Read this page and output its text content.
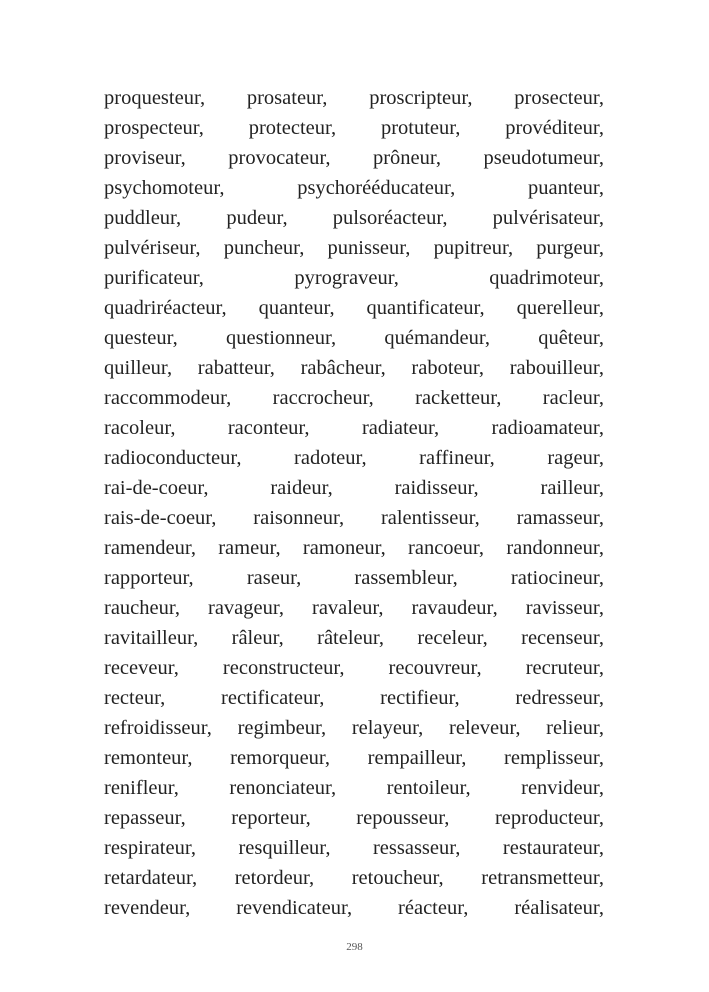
proquesteur, prosateur, proscripteur, prosecteur,
prospecteur, protecteur, protuteur, provéditeur,
proviseur, provocateur, prôneur, pseudotumeur,
psychomoteur,	psychorééducateur,	puanteur,
puddleur, pudeur, pulsoréacteur, pulvérisateur,
pulvériseur, puncheur, punisseur, pupitreur, purgeur,
purificateur,	pyrograveur,	quadrimoteur,
quadriréacteur, quanteur, quantificateur, querelleur,
questeur, questionneur, quémandeur, quêteur,
quilleur, rabatteur, rabâcheur, raboteur, rabouilleur,
raccommodeur, raccrocheur, racketteur, racleur,
racoleur,	raconteur,	radiateur,	radioamateur,
radioconducteur,	radoteur,	raffineur,	rageur,
rai-de-coeur,	raideur,	raidisseur,	railleur,
rais-de-coeur, raisonneur, ralentisseur, ramasseur,
ramendeur, rameur, ramoneur, rancoeur, randonneur,
rapporteur,	raseur,	rassembleur,	ratiocineur,
raucheur, ravageur, ravaleur, ravaudeur, ravisseur,
ravitailleur, râleur, râteleur, receleur, recenseur,
receveur, reconstructeur, recouvreur, recruteur,
recteur,	rectificateur,	rectifieur,	redresseur,
refroidisseur, regimbeur, relayeur, releveur, relieur,
remonteur, remorqueur, rempailleur, remplisseur,
renifleur, renonciateur, rentoileur, renvideur,
repasseur, reporteur, repousseur, reproducteur,
respirateur, resquilleur, ressasseur, restaurateur,
retardateur, retordeur, retoucheur, retransmetteur,
revendeur, revendicateur, réacteur, réalisateur,
298
